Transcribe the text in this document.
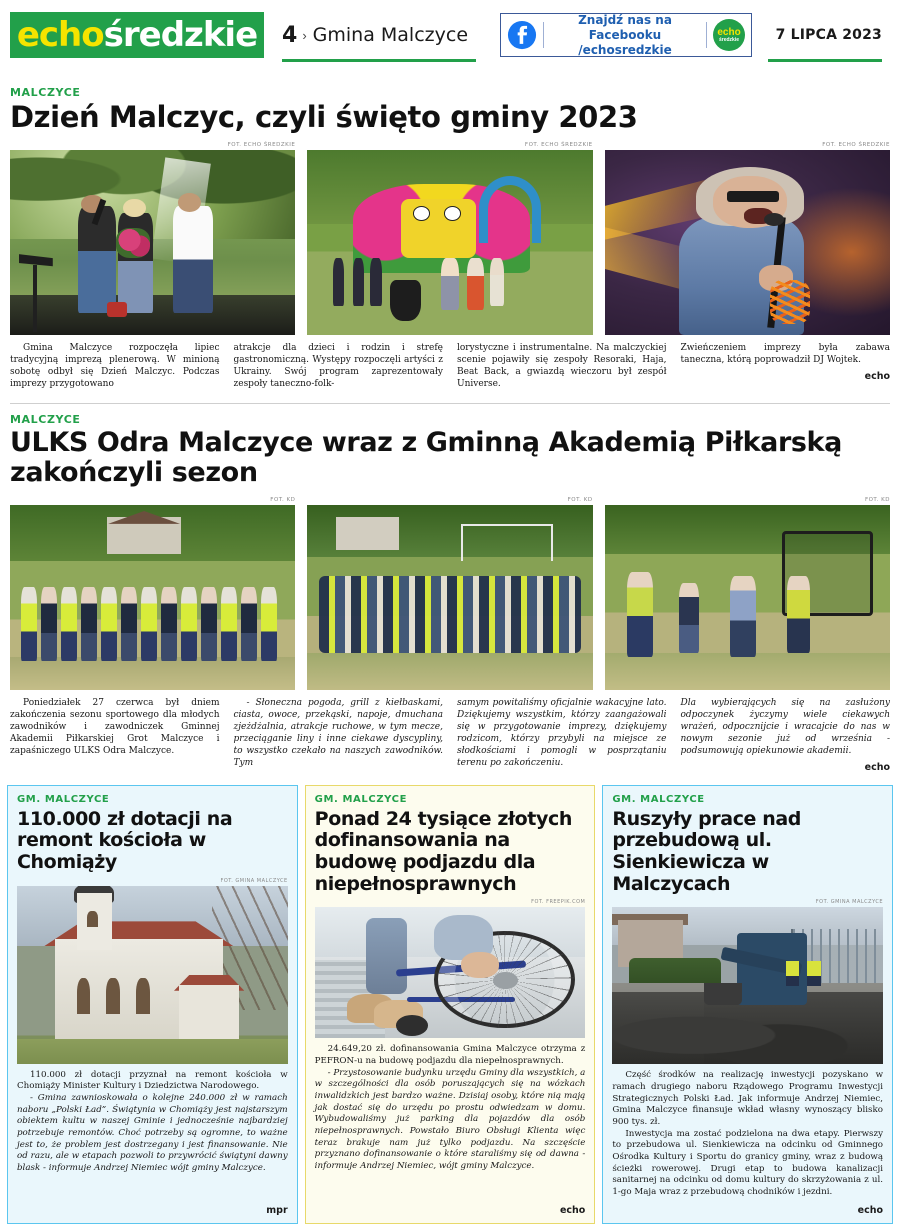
echośredzkie 4 › Gmina Malczyce
Znajdź nas na Facebooku
/echosredzkie
echo
średzkie	7 LIPCA 2023
MALCZYCE
Dzień Malczyc, czyli święto gminy 2023
FOT. ECHO ŚREDZKIE	FOT. ECHO ŚREDZKIE	FOT. ECHO ŚREDZKIE

Gmina Malczyce rozpoczęła lipiec tradycyjną imprezą plenerową. W minioną sobotę odbył się Dzień Malczyc. Podczas imprezy przygotowano

atrakcje dla dzieci i rodzin i strefę gastronomiczną. Występy rozpoczęli artyści z Ukrainy. Swój program zaprezentowały zespoły taneczno-folk-

lorystyczne i instrumentalne. Na malczyckiej scenie pojawiły się zespoły Resoraki, Haja, Beat Back, a gwiazdą wieczoru był zespół Universe.

Zwieńczeniem imprezy była zabawa taneczna, którą poprowadził DJ Wojtek.

echo
MALCZYCE
ULKS Odra Malczyce wraz z Gminną Akademią Piłkarską zakończyli sezon
FOT. KD	FOT. KD	FOT. KD

Poniedziałek 27 czerwca był dniem zakończenia sezonu sportowego dla młodych zawodników i zawodniczek Gminnej Akademii Piłkarskiej Grot Malczyce i zapaśniczego ULKS Odra Malczyce.

- Słoneczna pogoda, grill z kiełbaskami, ciasta, owoce, przekąski, napoje, dmuchana zjeżdżalnia, atrakcje ruchowe, w tym mecze, przeciąganie liny i inne ciekawe dyscypliny, to wszystko czekało na naszych zawodników. Tym

samym powitaliśmy oficjalnie wakacyjne lato. Dziękujemy wszystkim, którzy zaangażowali się w przygotowanie imprezy, dziękujemy rodzicom, którzy przybyli na miejsce ze słodkościami i pomogli w posprzątaniu terenu po zakończeniu.

Dla wybierających się na zasłużony odpoczynek życzymy wiele ciekawych wrażeń, odpocznijcie i wracajcie do nas w nowym sezonie już od września - podsumowują opiekunowie akademii.

echo
GM. MALCZYCE
110.000 zł dotacji na remont kościoła w Chomiąży
FOT. GMINA MALCZYCE

110.000 zł dotacji przyznał na remont kościoła w Chomiąży Minister Kultury i Dziedzictwa Narodowego.

- Gmina zawnioskowała o kolejne 240.000 zł w ramach naboru „Polski Ład”. Świątynia w Chomiąży jest najstarszym obiektem kultu w naszej Gminie i jednocześnie najbardziej potrzebuje remontów. Choć potrzeby są ogromne, to ważne jest to, że problem jest dostrzegany i jest finansowanie. Nie od razu, ale w etapach pozwoli to przywrócić świątyni dawny blask - informuje Andrzej Niemiec wójt gminy Malczyce.

mpr
GM. MALCZYCE
Ponad 24 tysiące złotych dofinansowania na budowę podjazdu dla niepełnosprawnych
FOT. FREEPIK.COM

24.649,20 zł. dofinansowania Gmina Malczyce otrzyma z PEFRON-u na budowę podjazdu dla niepełnosprawnych.

- Przystosowanie budynku urzędu Gminy dla wszystkich, a w szczególności dla osób poruszających się na wózkach inwalidzkich jest bardzo ważne. Dzisiaj osoby, które nią mają jak dostać się do urzędu po prostu odwiedzam w domu. Wybudowaliśmy już parking dla pojazdów dla osób niepełnosprawnych. Powstało Biuro Obsługi Klienta więc teraz brakuje nam już tylko podjazdu. Na szczęście przyznano dofinansowanie o które staraliśmy się od dawna - informuje Andrzej Niemiec, wójt gminy Malczyce.

echo
GM. MALCZYCE
Ruszyły prace nad przebudową ul. Sienkiewicza w Malczycach
FOT. GMINA MALCZYCE

Część środków na realizację inwestycji pozyskano w ramach drugiego naboru Rządowego Programu Inwestycji Strategicznych Polski Ład. Jak informuje Andrzej Niemiec, Gmina Malczyce finansuje wkład własny wynoszący blisko 900 tys. zł.

Inwestycja ma zostać podzielona na dwa etapy. Pierwszy to przebudowa ul. Sienkiewicza na odcinku od Gminnego Ośrodka Kultury i Sportu do granicy gminy, wraz z budową ścieżki rowerowej. Drugi etap to budowa kanalizacji sanitarnej na odcinku od domu kultury do skrzyżowania z ul. 1-go Maja wraz z przebudową chodników i jezdni.

echo
